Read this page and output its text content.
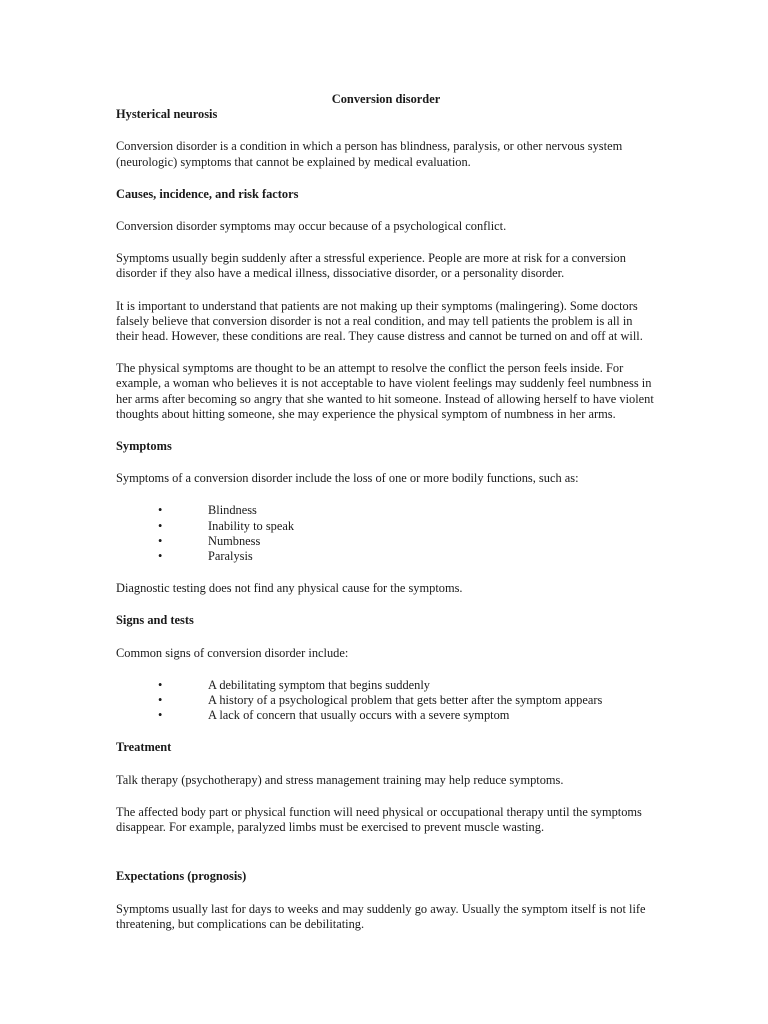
Conversion disorder
Hysterical neurosis

Conversion disorder is a condition in which a person has blindness, paralysis, or other nervous system (neurologic) symptoms that cannot be explained by medical evaluation.

Causes, incidence, and risk factors

Conversion disorder symptoms may occur because of a psychological conflict.

Symptoms usually begin suddenly after a stressful experience. People are more at risk for a conversion disorder if they also have a medical illness, dissociative disorder, or a personality disorder.

It is important to understand that patients are not making up their symptoms (malingering). Some doctors falsely believe that conversion disorder is not a real condition, and may tell patients the problem is all in their head. However, these conditions are real. They cause distress and cannot be turned on and off at will.

The physical symptoms are thought to be an attempt to resolve the conflict the person feels inside. For example, a woman who believes it is not acceptable to have violent feelings may suddenly feel numbness in her arms after becoming so angry that she wanted to hit someone. Instead of allowing herself to have violent thoughts about hitting someone, she may experience the physical symptom of numbness in her arms.

Symptoms

Symptoms of a conversion disorder include the loss of one or more bodily functions, such as:

•	Blindness
•	Inability to speak
•	Numbness
•	Paralysis

Diagnostic testing does not find any physical cause for the symptoms.

Signs and tests

Common signs of conversion disorder include:

•	A debilitating symptom that begins suddenly
•	A history of a psychological problem that gets better after the symptom appears
•	A lack of concern that usually occurs with a severe symptom
Treatment

Talk therapy (psychotherapy) and stress management training may help reduce symptoms.

The affected body part or physical function will need physical or occupational therapy until the symptoms disappear. For example, paralyzed limbs must be exercised to prevent muscle wasting.

Expectations (prognosis)

Symptoms usually last for days to weeks and may suddenly go away. Usually the symptom itself is not life threatening, but complications can be debilitating.
